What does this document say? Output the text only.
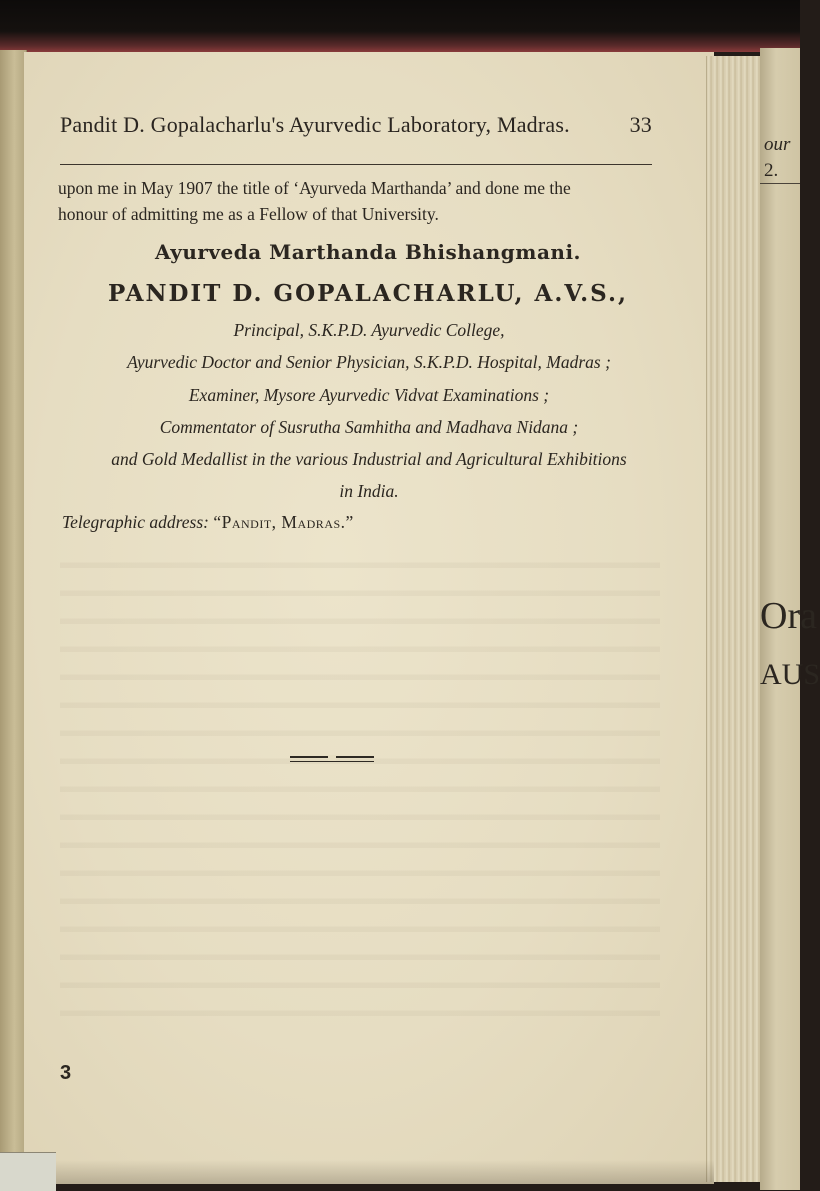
our
2.
Ora
AUS
Pandit D. Gopalacharlu's Ayurvedic Laboratory, Madras.	33
upon me in May 1907 the title of ‘Ayurveda Marthanda’ and done me the
honour of admitting me as a Fellow of that University.
Ayurveda Marthanda Bhishangmani.
PANDIT D. GOPALACHARLU, A.V.S.,
Principal, S.K.P.D. Ayurvedic College,
Ayurvedic Doctor and Senior Physician, S.K.P.D. Hospital, Madras ;
Examiner, Mysore Ayurvedic Vidvat Examinations ;
Commentator of Susrutha Samhitha and Madhava Nidana ;
and Gold Medallist in the various Industrial and Agricultural Exhibitions
in India.
Telegraphic address: “Pandit, Madras.”
3
